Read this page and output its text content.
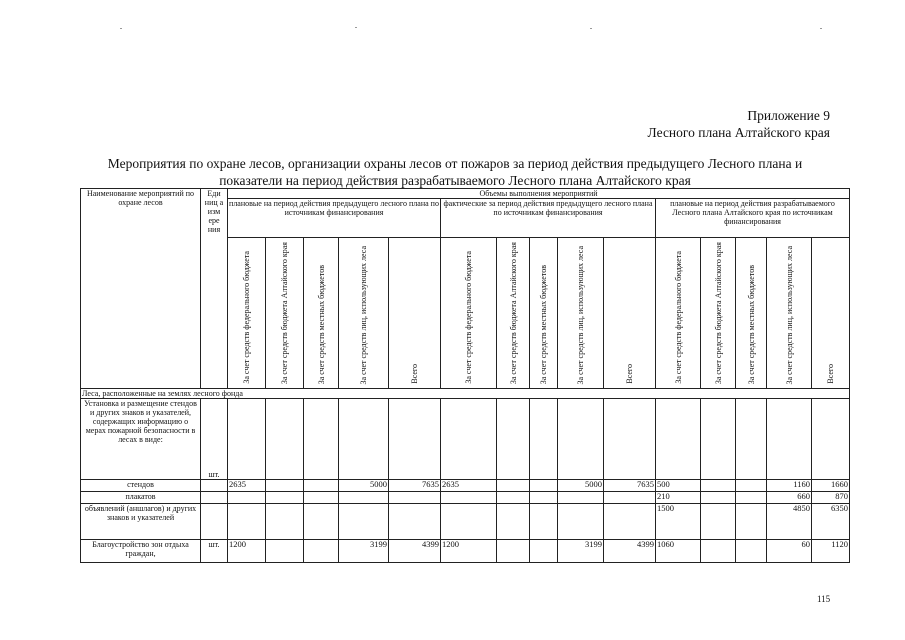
Приложение 9
Лесного плана Алтайского края
Мероприятия по охране лесов, организации охраны лесов от пожаров за период действия предыдущего Лесного плана и
показатели на период действия разрабатываемого Лесного плана Алтайского края
Наименование мероприятий по охране лесов	Еди ниц а изм ере ния	Объемы выполнения мероприятий														
		плановые на период действия предыдущего лесного плана по источникам финансирования					фактические за период действия предыдущего лесного плана по источникам финансирования					плановые на период действия разрабатываемого Лесного плана Алтайского края по источникам финансирования				
		За счет средств федерального бюджета	За счет средств бюджета Алтайского края	За счет средств местных бюджетов	За счет средств лиц, использующих леса	Всего	За счет средств федерального бюджета	За счет средств бюджета Алтайского края	За счет средств местных бюджетов	За счет средств лиц, использующих леса	Всего	За счет средств федерального бюджета	За счет средств бюджета Алтайского края	За счет средств местных бюджетов	За счет средств лиц, использующих леса	Всего
Леса, расположенные на землях лесного фонда																
Установка и размещение стендов и других знаков и указателей, содержащих информацию о мерах пожарной безопасности в лесах в виде:	шт.															
стендов		2635			5000	7635	2635			5000	7635	500			1160	1660
плакатов												210			660	870
объявлений (аншлагов) и других знаков и указателей												1500			4850	6350
Благоустройство зон отдыха граждан,	шт.	1200			3199	4399	1200			3199	4399	1060			60	1120
115
